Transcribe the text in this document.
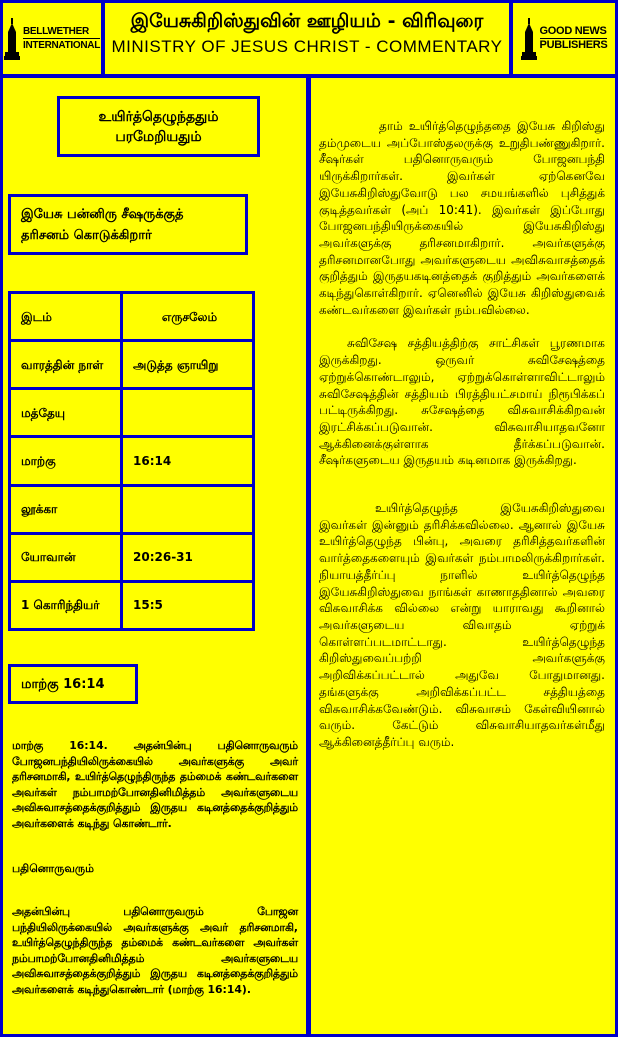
BELLWETHER
INTERNATIONAL
இயேசுகிறிஸ்துவின் ஊழியம் - விரிவுரை
MINISTRY OF JESUS CHRIST - COMMENTARY
GOOD NEWS
PUBLISHERS
உயிர்த்தெழுந்ததும்
பரமேறியதும்
இயேசு பன்னிரு சீஷருக்குத்
தரிசனம் கொடுக்கிறார்
இடம்	எருசலேம்
வாரத்தின் நாள்	அடுத்த ஞாயிறு
மத்தேயு	
மாற்கு	16:14
லூக்கா	
யோவான்	20:26-31
1 கொரிந்தியர்	15:5
மாற்கு 16:14

மாற்கு 16:14. அதன்பின்பு பதினொருவரும் போஜனபந்தியிலிருக்கையில் அவர்களுக்கு அவர் தரிசனமாகி, உயிர்த்தெழுந்திருந்த தம்மைக் கண்டவர்களை அவர்கள் நம்பாமற்போனதினிமித்தம் அவர்களுடைய அவிசுவாசத்தைக்குறித்தும் இருதய கடினத்தைக்குறித்தும் அவர்களைக் கடிந்து கொண்டார்.

பதினொருவரும்

அதன்பின்பு பதினொருவரும் போஜன பந்தியிலிருக்கையில் அவர்களுக்கு அவர் தரிசனமாகி, உயிர்த்தெழுந்திருந்த தம்மைக் கண்டவர்களை அவர்கள் நம்பாமற்போனதினிமித்தம் அவர்களுடைய அவிசுவாசத்தைக்குறித்தும் இருதய கடினத்தைக்குறித்தும் அவர்களைக் கடிந்துகொண்டார் (மாற்கு 16:14).

தாம் உயிர்த்தெழுந்ததை இயேசு கிறிஸ்து தம்முடைய அப்போஸ்தலருக்கு உறுதிபண்ணுகிறார். சீஷர்கள் பதினொருவரும் போஜனபந்தி யிருக்கிறார்கள். இவர்கள் ஏற்கெனவே இயேசுகிறிஸ்துவோடு பல சமயங்களில் புசித்துக் குடித்தவர்கள் (அப் 10:41). இவர்கள் இப்போது போஜனபந்தியிருக்கையில் இயேசுகிறிஸ்து அவர்களுக்கு தரிசனமாகிறார். அவர்களுக்கு தரிசனமானபோது அவர்களுடைய அவிசுவாசத்தைக் குறித்தும் இருதயகடினத்தைக் குறித்தும் அவர்களைக் கடிந்துகொள்கிறார். ஏனெனில் இயேசு கிறிஸ்துவைக் கண்டவர்களை இவர்கள் நம்பவில்லை.

சுவிசேஷ சத்தியத்திற்கு சாட்சிகள் பூரணமாக இருக்கிறது. ஒருவர் சுவிசேஷத்தை ஏற்றுக்கொண்டாலும், ஏற்றுக்கொள்ளாவிட்டாலும் சுவிசேஷத்தின் சத்தியம் பிரத்தியட்சமாய் நிரூபிக்கப் பட்டிருக்கிறது. சுசேஷத்தை விசுவாசிக்கிறவன் இரட்சிக்கப்படுவான். விசுவாசியாதவனோ ஆக்கினைக்குள்ளாக தீர்க்கப்படுவான். சீஷர்களுடைய இருதயம் கடினமாக இருக்கிறது.

உயிர்த்தெழுந்த இயேசுகிறிஸ்துவை இவர்கள் இன்னும் தரிசிக்கவில்லை. ஆனால் இயேசு உயிர்த்தெழுந்த பின்பு, அவரை தரிசித்தவர்களின் வார்த்தைகளையும் இவர்கள் நம்பாமலிருக்கிறார்கள். நியாயத்தீர்ப்பு நாளில் உயிர்த்தெழுந்த இயேசுகிறிஸ்துவை நாங்கள் காணாததினால் அவரை விசுவாசிக்க வில்லை என்று யாராவது கூறினால் அவர்களுடைய விவாதம் ஏற்றுக் கொள்ளப்படமாட்டாது. உயிர்த்தெழுந்த கிறிஸ்துவைப்பற்றி அவர்களுக்கு அறிவிக்கப்பட்டால் அதுவே போதுமானது. தங்களுக்கு அறிவிக்கப்பட்ட சத்தியத்தை விசுவாசிக்கவேண்டும். விசுவாசம் கேள்வியினால் வரும். கேட்டும் விசுவாசியாதவர்கள்மீது ஆக்கினைத்தீர்ப்பு வரும்.
